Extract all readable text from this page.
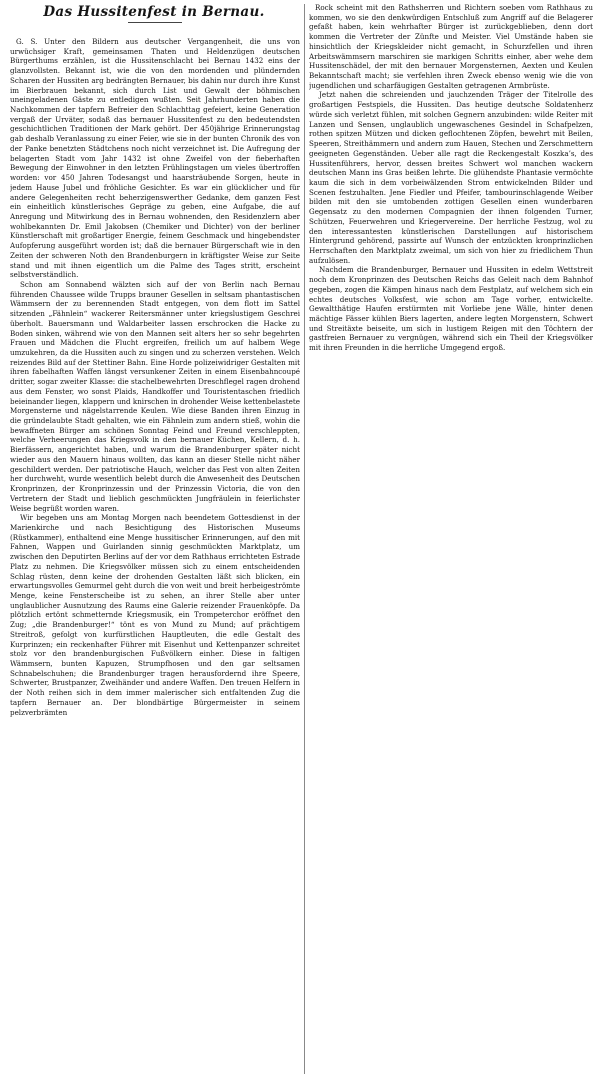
Das Hussitenfest in Bernau.

G. S. Unter den Bildern aus deutscher Vergangenheit, die uns von urwüchsiger Kraft, gemeinsamen Thaten und Heldenzügen deutschen Bürgerthums erzählen, ist die Hussitenschlacht bei Bernau 1432 eins der glanzvollsten. Bekannt ist, wie die von den mordenden und plündernden Scharen der Hussiten arg bedrängten Bernauer, bis dahin nur durch ihre Kunst im Bierbrauen bekannt, sich durch List und Gewalt der böhmischen uneingeladenen Gäste zu entledigen wußten. Seit Jahrhunderten haben die Nachkommen der tapfern Befreier den Schlachttag gefeiert, keine Generation vergaß der Urväter, sodaß das bernauer Hussitenfest zu den bedeutendsten geschichtlichen Traditionen der Mark gehört. Der 450jährige Erinnerungstag gab deshalb Veranlassung zu einer Feier, wie sie in der bunten Chronik des von der Panke benetzten Städtchens noch nicht verzeichnet ist. Die Aufregung der belagerten Stadt vom Jahr 1432 ist ohne Zweifel von der fieberhaften Bewegung der Einwohner in den letzten Frühlingstagen um vieles übertroffen worden: vor 450 Jahren Todesangst und haarsträubende Sorgen, heute in jedem Hause Jubel und fröhliche Gesichter. Es war ein glücklicher und für andere Gelegenheiten recht beherzigenswerther Gedanke, dem ganzen Fest ein einheitlich künstlerisches Gepräge zu geben, eine Aufgabe, die auf Anregung und Mitwirkung des in Bernau wohnenden, den Residenzlern aber wohlbekannten Dr. Emil Jakobsen (Chemiker und Dichter) von der berliner Künstlerschaft mit großartiger Energie, feinem Geschmack und hingebendster Aufopferung ausgeführt worden ist; daß die bernauer Bürgerschaft wie in den Zeiten der schweren Noth den Brandenburgern in kräftigster Weise zur Seite stand und mit ihnen eigentlich um die Palme des Tages stritt, erscheint selbstverständlich.

Schon am Sonnabend wälzten sich auf der von Berlin nach Bernau führenden Chaussee wilde Trupps brauner Gesellen in seltsam phantastischen Wämmsern der zu berennenden Stadt entgegen, von dem flott im Sattel sitzenden „Fähnlein“ wackerer Reitersmänner unter kriegslustigem Geschrei überholt. Bauersmann und Waldarbeiter lassen erschrocken die Hacke zu Boden sinken, während wie von den Mannen seit alters her so sehr begehrten Frauen und Mädchen die Flucht ergreifen, freilich um auf halbem Wege umzukehren, da die Hussiten auch zu singen und zu scherzen verstehen. Welch reizendes Bild auf der Stettiner Bahn. Eine Horde polizeiwidriger Gestalten mit ihren fabelhaften Waffen längst versunkener Zeiten in einem Eisenbahncoupé dritter, sogar zweiter Klasse: die stachelbewehrten Dreschflegel ragen drohend aus dem Fenster, wo sonst Plaids, Handkoffer und Touristentaschen friedlich beieinander liegen, klappern und knirschen in drohender Weise kettenbelastete Morgensterne und nägelstarrende Keulen. Wie diese Banden ihren Einzug in die gründelaubte Stadt gehalten, wie ein Fähnlein zum andern stieß, wohin die bewaffneten Bürger am schönen Sonntag Feind und Freund verschleppten, welche Verheerungen das Kriegsvolk in den bernauer Küchen, Kellern, d. h. Bierfässern, angerichtet haben, und warum die Brandenburger später nicht wieder aus den Mauern hinaus wollten, das kann an dieser Stelle nicht näher geschildert werden. Der patriotische Hauch, welcher das Fest von alten Zeiten her durchweht, wurde wesentlich belebt durch die Anwesenheit des Deutschen Kronprinzen, der Kronprinzessin und der Prinzessin Victoria, die von den Vertretern der Stadt und lieblich geschmückten Jungfräulein in feierlichster Weise begrüßt worden waren.

Wir begeben uns am Montag Morgen nach beendetem Gottesdienst in der Marienkirche und nach Besichtigung des Historischen Museums (Rüstkammer), enthaltend eine Menge hussitischer Erinnerungen, auf den mit Fahnen, Wappen und Guirlanden sinnig geschmückten Marktplatz, um zwischen den Deputirten Berlins auf der vor dem Rathhaus errichteten Estrade Platz zu nehmen. Die Kriegsvölker müssen sich zu einem entscheidenden Schlag rüsten, denn keine der drohenden Gestalten läßt sich blicken, ein erwartungsvolles Gemurmel geht durch die von weit und breit herbeigeströmte Menge, keine Fensterscheibe ist zu sehen, an ihrer Stelle aber unter unglaublicher Ausnutzung des Raums eine Galerie reizender Frauenköpfe. Da plötzlich ertönt schmetternde Kriegsmusik, ein Trompeterchor eröffnet den Zug; „die Brandenburger!“ tönt es von Mund zu Mund; auf prächtigem Streitroß, gefolgt von kurfürstlichen Hauptleuten, die edle Gestalt des Kurprinzen; ein reckenhafter Führer mit Eisenhut und Kettenpanzer schreitet stolz vor den brandenburgischen Fußvölkern einher. Diese in faltigen Wämmsern, bunten Kapuzen, Strumpfhosen und den gar seltsamen Schnabelschuhen; die Brandenburger tragen herausfordernd ihre Speere, Schwerter, Brustpanzer, Zweihänder und andere Waffen. Den treuen Helfern in der Noth reihen sich in dem immer malerischer sich entfaltenden Zug die tapfern Bernauer an. Der blondbärtige Bürgermeister in seinem pelzverbrämten

Rock scheint mit den Rathsherren und Richtern soeben vom Rathhaus zu kommen, wo sie den denkwürdigen Entschluß zum Angriff auf die Belagerer gefaßt haben, kein wehrhafter Bürger ist zurückgeblieben, denn dort kommen die Vertreter der Zünfte und Meister. Viel Umstände haben sie hinsichtlich der Kriegskleider nicht gemacht, in Schurzfellen und ihren Arbeitswämmsern marschiren sie markigen Schritts einher, aber wehe dem Hussitenschädel, der mit den bernauer Morgensternen, Aexten und Keulen Bekanntschaft macht; sie verfehlen ihren Zweck ebenso wenig wie die von jugendlichen und scharfäugigen Gestalten getragenen Armbrüste.

Jetzt nahen die schreienden und jauchzenden Träger der Titelrolle des großartigen Festspiels, die Hussiten. Das heutige deutsche Soldatenherz würde sich verletzt fühlen, mit solchen Gegnern anzubinden: wilde Reiter mit Lanzen und Sensen, unglaublich ungewaschenes Gesindel in Schafpelzen, rothen spitzen Mützen und dicken geflochtenen Zöpfen, bewehrt mit Beilen, Speeren, Streithämmern und andern zum Hauen, Stechen und Zerschmettern geeigneten Gegenständen. Ueber alle ragt die Reckengestalt Koszka’s, des Hussitenführers, hervor, dessen breites Schwert wol manchen wackern deutschen Mann ins Gras beißen lehrte. Die glühendste Phantasie vermöchte kaum die sich in dem vorbeiwälzenden Strom entwickelnden Bilder und Scenen festzuhalten. Jene Fiedler und Pfeifer, tambourinschlagende Weiber bilden mit den sie umtobenden zottigen Gesellen einen wunderbaren Gegensatz zu den modernen Compagnien der ihnen folgenden Turner, Schützen, Feuerwehren und Kriegervereine. Der herrliche Festzug, wol zu den interessantesten künstlerischen Darstellungen auf historischem Hintergrund gehörend, passirte auf Wunsch der entzückten kronprinzlichen Herrschaften den Marktplatz zweimal, um sich von hier zu friedlichem Thun aufzulösen.

Nachdem die Brandenburger, Bernauer und Hussiten in edelm Wettstreit noch dem Kronprinzen des Deutschen Reichs das Geleit nach dem Bahnhof gegeben, zogen die Kämpen hinaus nach dem Festplatz, auf welchem sich ein echtes deutsches Volksfest, wie schon am Tage vorher, entwickelte. Gewaltthätige Haufen erstürmten mit Vorliebe jene Wälle, hinter denen mächtige Fässer kühlen Biers lagerten, andere legten Morgenstern, Schwert und Streitäxte beiseite, um sich in lustigem Reigen mit den Töchtern der gastfreien Bernauer zu vergnügen, während sich ein Theil der Kriegsvölker mit ihren Freunden in die herrliche Umgegend ergoß.
